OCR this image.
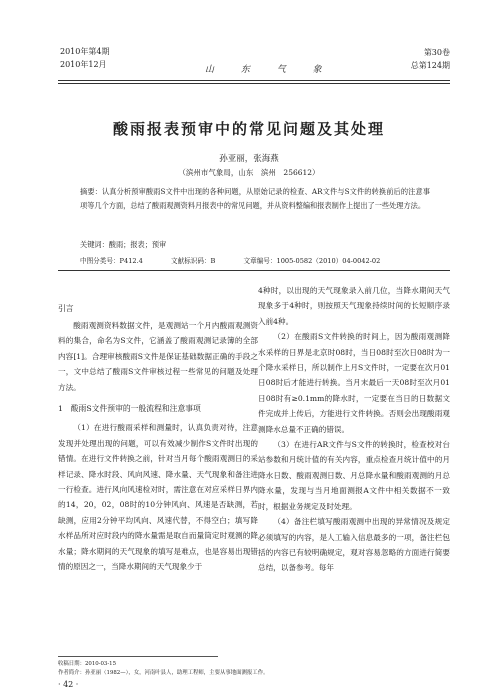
2010年第4期
2010年12月
山 东 气 象
第30卷
总第124期
酸雨报表预审中的常见问题及其处理
孙亚丽，张海燕
（滨州市气象局，山东　滨州　256612）
摘要：认真分析预审酸雨S文件中出现的各种问题，从原始记录的检查、AR文件与S文件的转换前后的注意事项等几个方面，总结了酸雨观测资料月报表中的常见问题，并从资料整编和报表制作上提出了一些处理方法。
关键词：酸雨；报表；预审
中图分类号：P412.4	文献标识码：B	文章编号：1005-0582（2010）04-0042-02
引言

酸雨观测资料数据文件，是观测站一个月内酸雨观测资料的集合，命名为S文件，它涵盖了酸雨观测记录簿的全部内容[1]。合理审核酸雨S文件是保证基础数据正确的手段之一，文中总结了酸雨S文件审核过程一些常见的问题及处理方法。

1　酸雨S文件预审的一般流程和注意事项

（1）在进行酸雨采样和测量时，认真负责对待，注意发现并处理出现的问题，可以有效减少制作S文件时出现的错情。在进行文件转换之前，针对当月每个酸雨观测日的采样记录、降水时段、风向风速、降水量、天气现象和备注进一行检查。进行风向风速检对时，需注意在对应采样日界内的14，20，02，08时的10分钟风向、风速是否缺测，若缺测，应用2分钟平均风向、风速代替，不得空白；填写降水样品所对应时段内的降水量需是取自而量筒定时观测的降水量；降水期间的天气现象的填写是难点，也是容易出现错情的原因之一，当降水期间的天气现象少于

4种时，以出现的天气现象录入前几位，当降水期间天气现象多于4种时，则按照天气现象持续时间的长短顺序录入前4种。

（2）在酸雨S文件转换的时间上，因为酸雨观测降水采样的日界是北京时08时，当日08时至次日08时为一个降水采样日，所以制作上月S文件时，一定要在次月01日08时后才能进行转换。当月末最后一天08时至次月01日08时有≥0.1mm的降水时，一定要在当日的日数据文件完成并上传后，方能进行文件转换。否则会出现酸雨观测降水总量不正确的错误。

（3）在进行AR文件与S文件的转换时，检查校对台站参数和月统计值的有关内容，重点检查月统计值中的月降水日数、酸雨观测日数、月总降水量和酸雨观测的月总降水量，发现与当月地面测报A文件中相关数据不一致时，根据业务规定及时处理。

（4）备注栏填写酸雨观测中出现的异常情况及规定必须填写的内容，是人工输入信息最多的一项，备注栏包括的内容已有较明确规定，观对容易忽略的方面进行简要总结，以备参考。每年

收稿日期：2010-03-15
作者简介：孙亚丽（1982—），女，河南叶县人，助理工程师，主要从事地面测报工作。
· 42 ·
